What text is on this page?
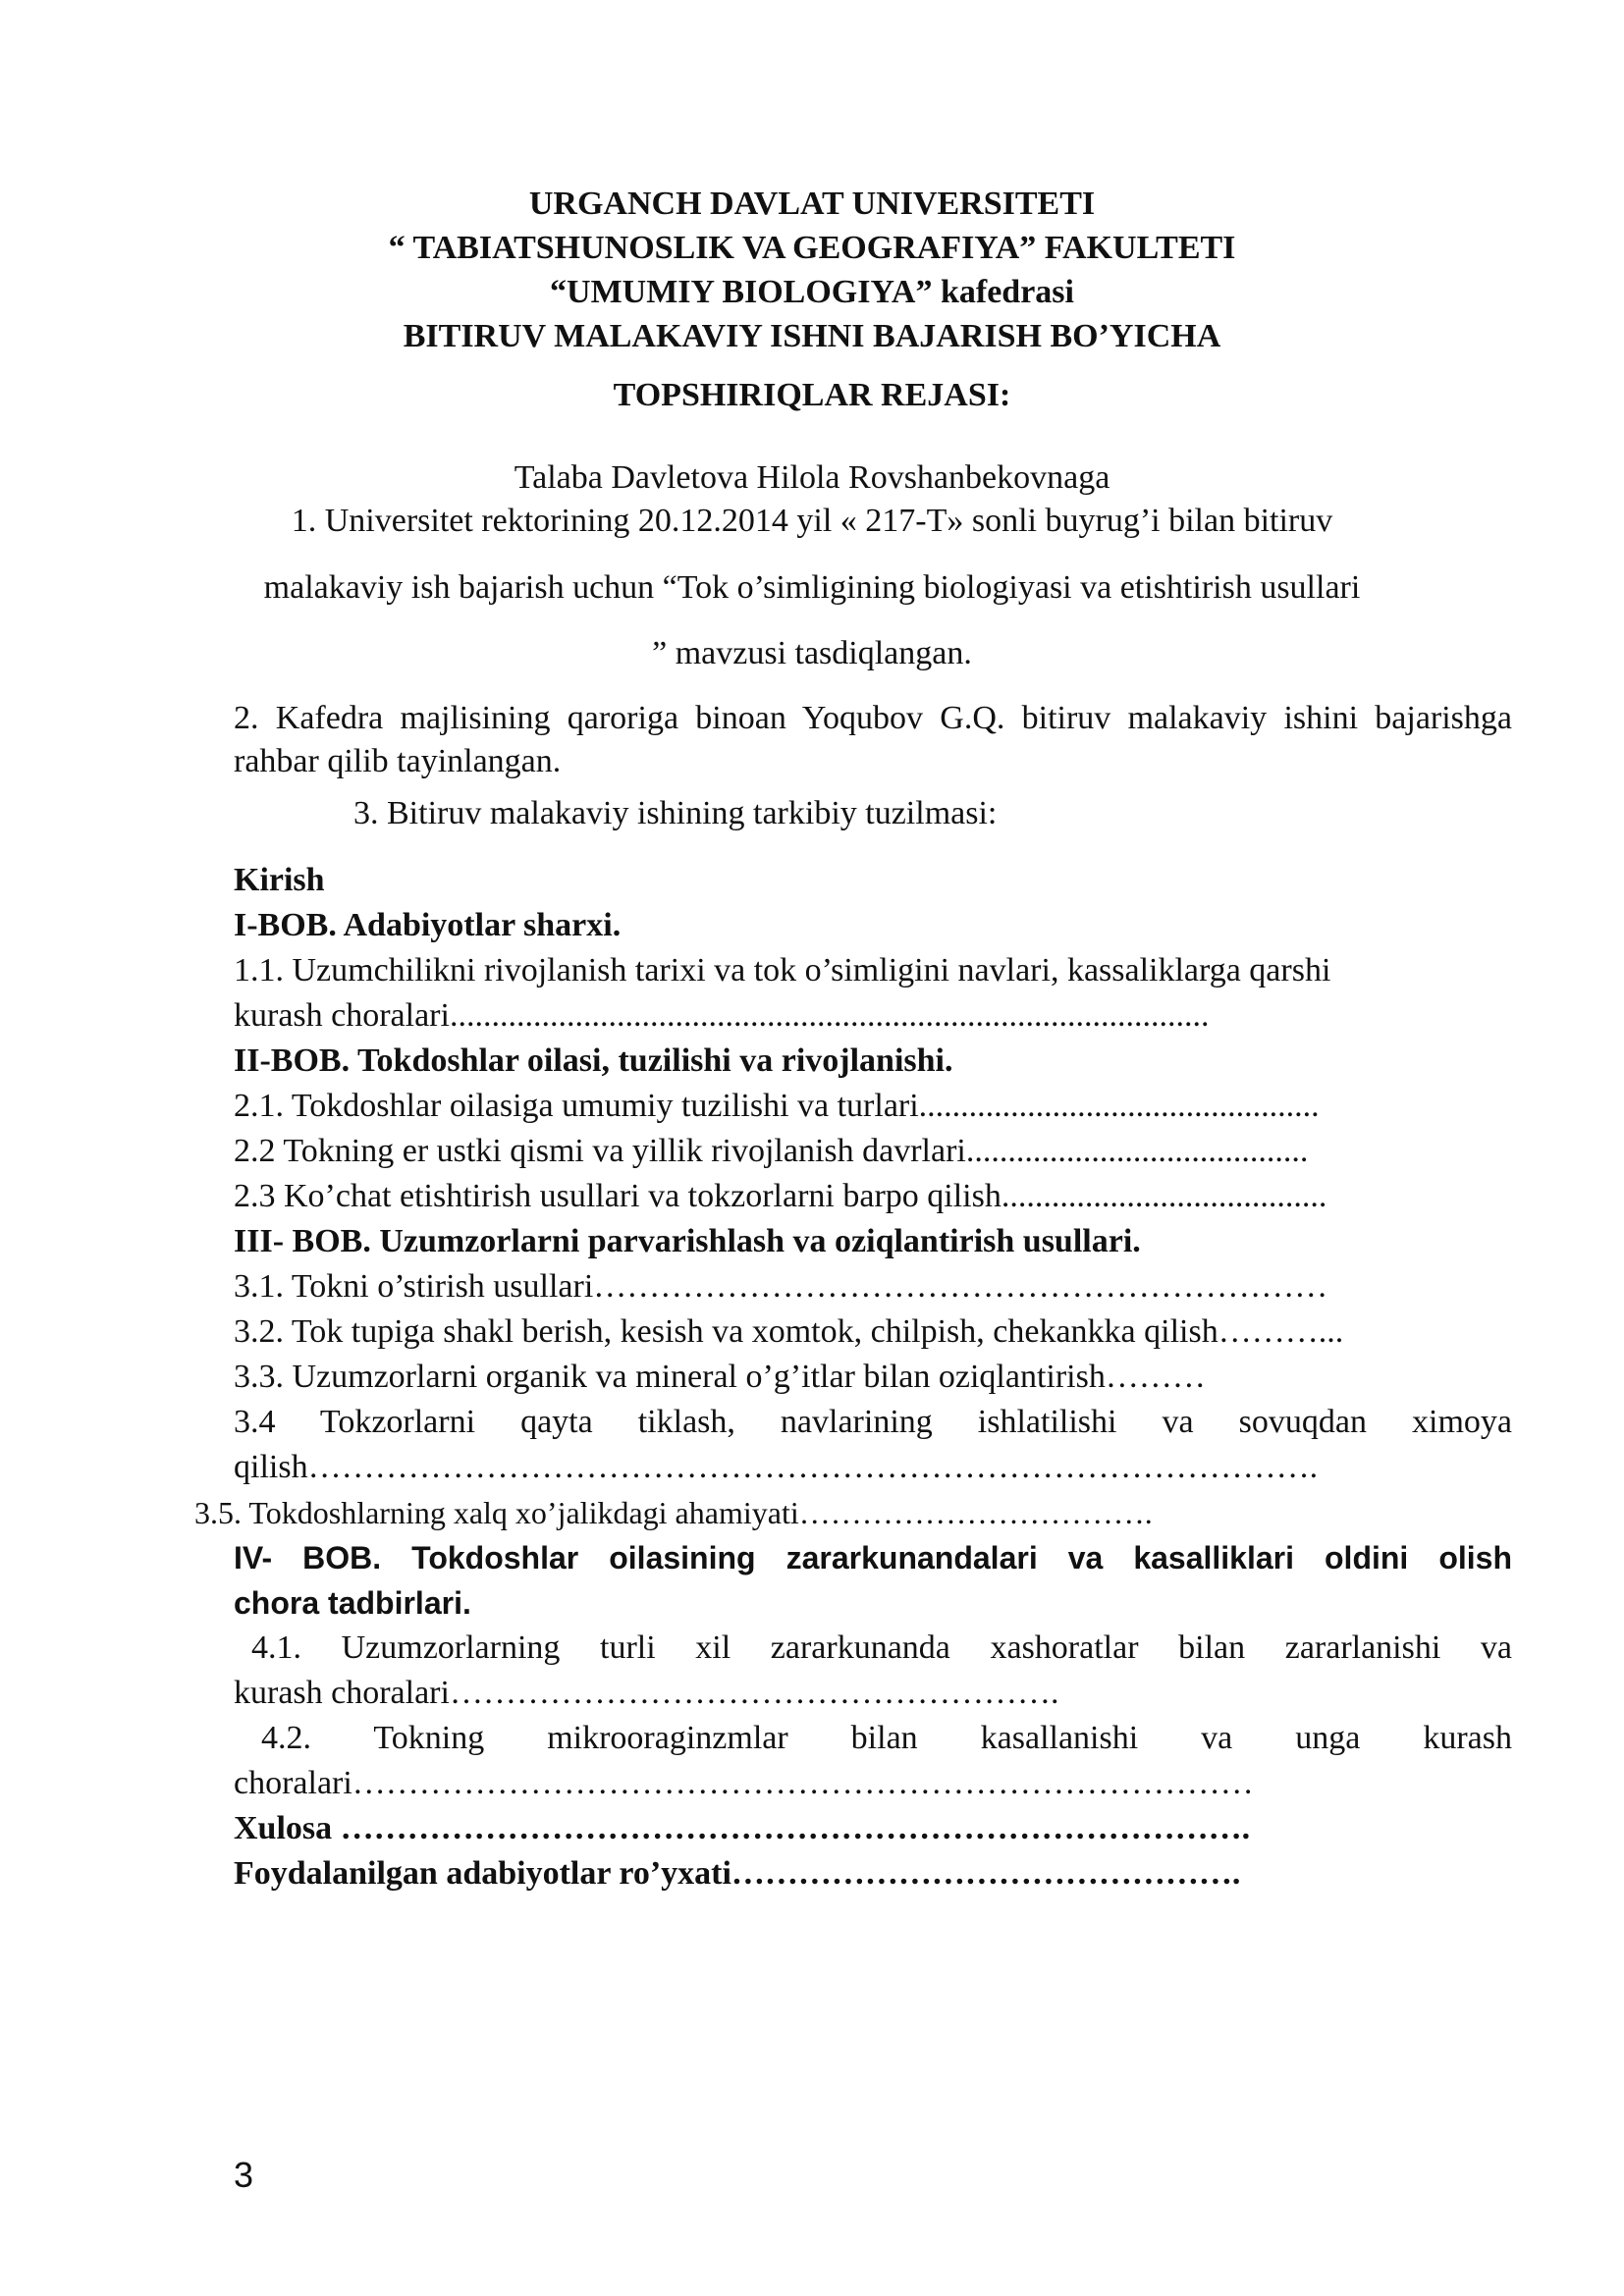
URGANCH DAVLAT UNIVERSITETI
“ TABIATSHUNOSLIK VA GEOGRAFIYA” FAKULTETI
“UMUMIY BIOLOGIYA” kafedrasi
BITIRUV MALAKAVIY ISHNI BAJARISH BO’YICHA
TOPSHIRIQLAR REJASI:
Talaba Davletova Hilola Rovshanbekovnaga
1. Universitet rektorining 20.12.2014 yil « 217-T» sonli buyrug’i bilan bitiruv
malakaviy ish bajarish uchun “Tok o’simligining biologiyasi va etishtirish usullari
” mavzusi tasdiqlangan.
2. Kafedra majlisining qaroriga binoan Yoqubov G.Q. bitiruv malakaviy ishini bajarishga rahbar qilib tayinlangan.
3. Bitiruv malakaviy ishining tarkibiy tuzilmasi:
Kirish
I-BOB. Adabiyotlar sharxi.
1.1. Uzumchilikni rivojlanish tarixi va tok o’simligini navlari, kassaliklarga qarshi
kurash choralari...........................................................................................
II-BOB. Tokdoshlar oilasi, tuzilishi va rivojlanishi.
2.1. Tokdoshlar oilasiga umumiy tuzilishi va turlari................................................
2.2 Tokning er ustki qismi va yillik rivojlanish davrlari.........................................
2.3 Ko’chat etishtirish usullari va tokzorlarni barpo qilish.......................................
III- BOB. Uzumzorlarni parvarishlash va oziqlantirish usullari.
3.1. Tokni o’stirish usullari…………………………………………………………
3.2. Tok tupiga shakl berish, kesish va xomtok, chilpish, chekankka qilish………...
3.3. Uzumzorlarni organik va mineral o’g’itlar bilan oziqlantirish………
3.4 Tokzorlarni qayta tiklash, navlarining ishlatilishi va sovuqdan ximoya
qilish……………………………………………………………………………….
3.5. Tokdoshlarning xalq xo’jalikdagi ahamiyati…………………………….
IV- BOB. Tokdoshlar oilasining zararkunandalari va kasalliklari oldini olish
chora tadbirlari.
4.1. Uzumzorlarning turli xil zararkunanda xashoratlar bilan zararlanishi va
kurash choralari……………………………………………….
4.2. Tokning mikrooraginzmlar bilan kasallanishi va unga kurash
choralari………………………………………………………………………
Xulosa ……………………………………………………………………….
Foydalanilgan adabiyotlar ro’yxati……………………………………….
3
